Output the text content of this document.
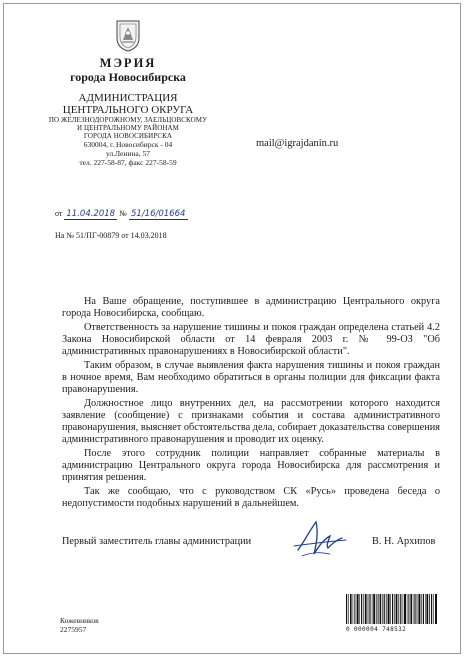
МЭРИЯ
города Новосибирска
АДМИНИСТРАЦИЯ
ЦЕНТРАЛЬНОГО ОКРУГА
ПО ЖЕЛЕЗНОДОРОЖНОМУ, ЗАЕЛЬЦОВСКОМУ
И ЦЕНТРАЛЬНОМУ РАЙОНАМ
ГОРОДА НОВОСИБИРСКА
630004, г. Новосибирск - 04
ул.Ленина, 57
тел. 227-58-87, факс 227-58-59
mail@igrajdanin.ru
от 11.04.2018 № 51/16/01664
На № 51/ПГ-00879 от 14.03.2018

На Ваше обращение, поступившее в администрацию Центрального округа города Новосибирска, сообщаю.

Ответственность за нарушение тишины и покоя граждан определена статьей 4.2 Закона Новосибирской области от 14 февраля 2003 г. № 99-ОЗ "Об административных правонарушениях в Новосибирской области".

Таким образом, в случае выявления факта нарушения тишины и покоя граждан в ночное время, Вам необходимо обратиться в органы полиции для фиксации факта правонарушения.

Должностное лицо внутренних дел, на рассмотрении которого находится заявление (сообщение) с признаками события и состава административного правонарушения, выясняет обстоятельства дела, собирает доказательства совершения административного правонарушения и проводит их оценку.

После этого сотрудник полиции направляет собранные материалы в администрацию Центрального округа города Новосибирска для рассмотрения и принятия решения.

Так же сообщаю, что с руководством СК «Русь» проведена беседа о недопустимости подобных нарушений в дальнейшем.

Первый заместитель главы администрации	В. Н. Архипов
Кожевников
2275957	0 000004 748532
